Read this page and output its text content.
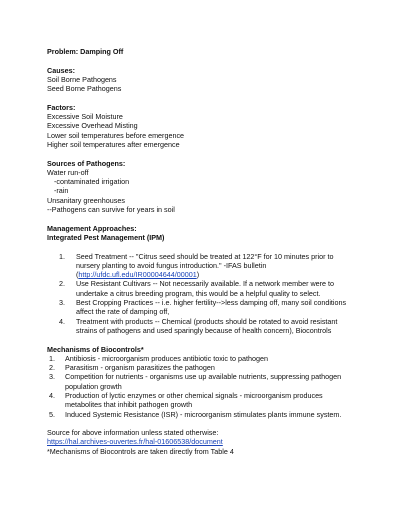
Problem: Damping Off

Causes:

Soil Borne Pathogens

Seed Borne Pathogens

Factors:

Excessive Soil Moisture

Excessive Overhead Misting

Lower soil temperatures before emergence

Higher soil temperatures after emergence

Sources of Pathogens:

Water run-off

-contaminated irrigation

-rain

Unsanitary greenhouses

--Pathogens can survive for years in soil

Management Approaches:

Integrated Pest Management (IPM)

1. Seed Treatment -- "Citrus seed should be treated at 122°F for 10 minutes prior to

nursery planting to avoid fungus introduction." -IFAS bulletin

(http://ufdc.ufl.edu/IR00004644/00001)

2. Use Resistant Cultivars -- Not necessarily available. If a network member were to

undertake a citrus breeding program, this would be a helpful quality to select.

3. Best Cropping Practices -- i.e. higher fertility-->less damping off, many soil conditions

affect the rate of damping off,

4. Treatment with products -- Chemical (products should be rotated to avoid resistant

strains of pathogens and used sparingly because of health concern), Biocontrols

Mechanisms of Biocontrols*

1. Antibiosis - microorganism produces antibiotic toxic to pathogen

2. Parasitism - organism parasitizes the pathogen

3. Competition for nutrients - organisms use up available nutrients, suppressing pathogen

population growth

4. Production of lyctic enzymes or other chemical signals - microorganism produces

metabolites that inhibit pathogen growth

5. Induced Systemic Resistance (ISR) - microorganism stimulates plants immune system.

Source for above information unless stated otherwise:

https://hal.archives-ouvertes.fr/hal-01606538/document

*Mechanisms of Biocontrols are taken directly from Table 4
